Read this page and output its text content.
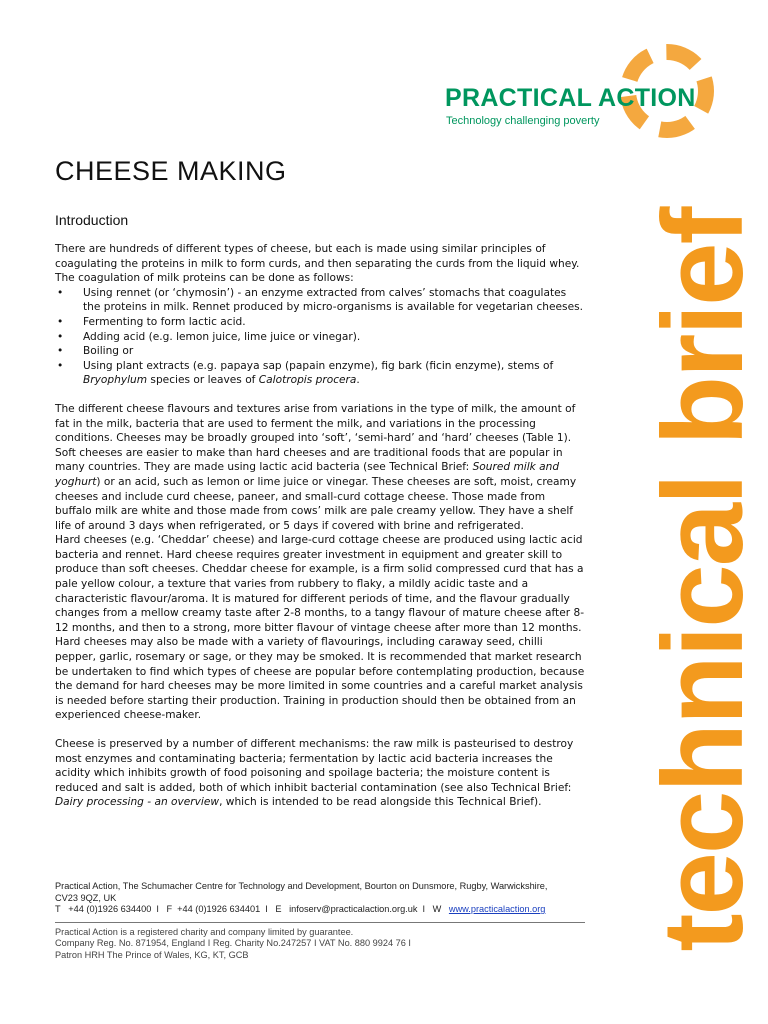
PRACTICAL ACTION
Technology challenging poverty
technical brief
CHEESE MAKING
Introduction

There are hundreds of different types of cheese, but each is made using similar principles of coagulating the proteins in milk to form curds, and then separating the curds from the liquid whey. The coagulation of milk proteins can be done as follows:

• Using rennet (or ‘chymosin’) - an enzyme extracted from calves’ stomachs that coagulates the proteins in milk. Rennet produced by micro-organisms is available for vegetarian cheeses.
• Fermenting to form lactic acid.
• Adding acid (e.g. lemon juice, lime juice or vinegar).
• Boiling or
• Using plant extracts (e.g. papaya sap (papain enzyme), fig bark (ficin enzyme), stems of Bryophylum species or leaves of Calotropis procera.

The different cheese flavours and textures arise from variations in the type of milk, the amount of fat in the milk, bacteria that are used to ferment the milk, and variations in the processing conditions. Cheeses may be broadly grouped into ‘soft’, ‘semi-hard’ and ‘hard’ cheeses (Table 1). Soft cheeses are easier to make than hard cheeses and are traditional foods that are popular in many countries. They are made using lactic acid bacteria (see Technical Brief: Soured milk and yoghurt) or an acid, such as lemon or lime juice or vinegar. These cheeses are soft, moist, creamy cheeses and include curd cheese, paneer, and small-curd cottage cheese. Those made from buffalo milk are white and those made from cows’ milk are pale creamy yellow. They have a shelf life of around 3 days when refrigerated, or 5 days if covered with brine and refrigerated.

Hard cheeses (e.g. ‘Cheddar’ cheese) and large-curd cottage cheese are produced using lactic acid bacteria and rennet. Hard cheese requires greater investment in equipment and greater skill to produce than soft cheeses. Cheddar cheese for example, is a firm solid compressed curd that has a pale yellow colour, a texture that varies from rubbery to flaky, a mildly acidic taste and a characteristic flavour/aroma. It is matured for different periods of time, and the flavour gradually changes from a mellow creamy taste after 2-8 months, to a tangy flavour of mature cheese after 8-12 months, and then to a strong, more bitter flavour of vintage cheese after more than 12 months. Hard cheeses may also be made with a variety of flavourings, including caraway seed, chilli pepper, garlic, rosemary or sage, or they may be smoked. It is recommended that market research be undertaken to find which types of cheese are popular before contemplating production, because the demand for hard cheeses may be more limited in some countries and a careful market analysis is needed before starting their production. Training in production should then be obtained from an experienced cheese-maker.

Cheese is preserved by a number of different mechanisms: the raw milk is pasteurised to destroy most enzymes and contaminating bacteria; fermentation by lactic acid bacteria increases the acidity which inhibits growth of food poisoning and spoilage bacteria; the moisture content is reduced and salt is added, both of which inhibit bacterial contamination (see also Technical Brief: Dairy processing - an overview, which is intended to be read alongside this Technical Brief).

Practical Action, The Schumacher Centre for Technology and Development, Bourton on Dunsmore, Rugby, Warwickshire,
CV23 9QZ, UK
T +44 (0)1926 634400 I F +44 (0)1926 634401 I E infoserv@practicalaction.org.uk I W www.practicalaction.org
Practical Action is a registered charity and company limited by guarantee.
Company Reg. No. 871954, England I Reg. Charity No.247257 I VAT No. 880 9924 76 I
Patron HRH The Prince of Wales, KG, KT, GCB
